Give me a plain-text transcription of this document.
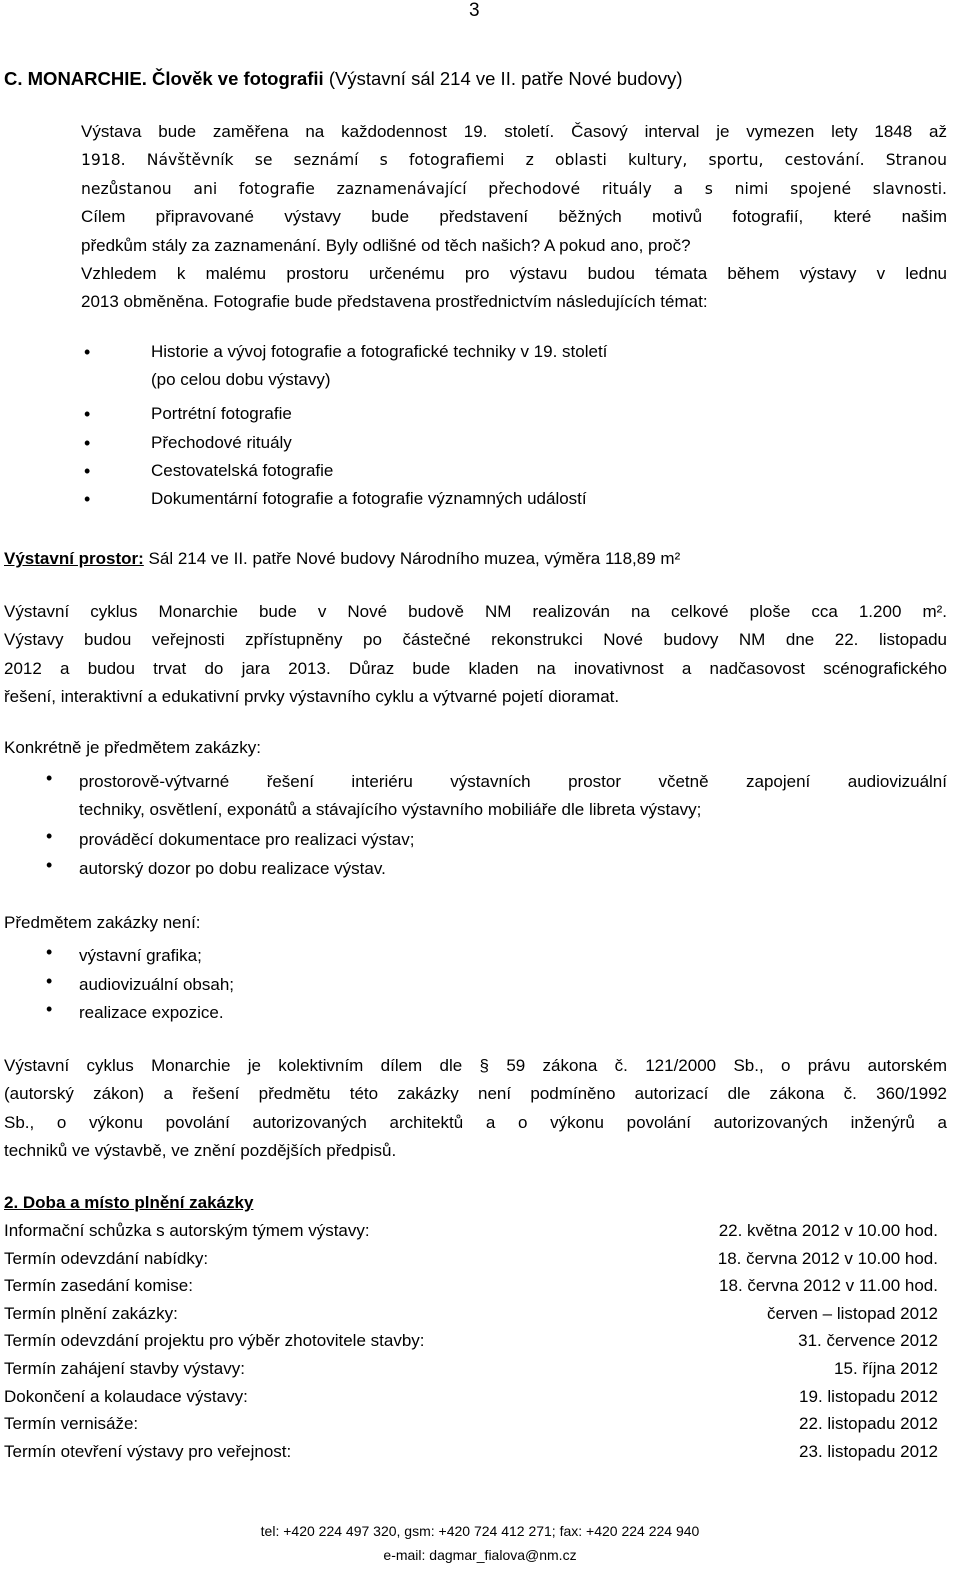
3
C. MONARCHIE. Člověk ve fotografii (Výstavní sál 214 ve II. patře Nové budovy)
Výstava bude zaměřena na každodennost 19. století. Časový interval je vymezen lety 1848 až
1918. Návštěvník se seznámí s fotografiemi z oblasti kultury, sportu, cestování. Stranou
nezůstanou ani fotografie zaznamenávající přechodové rituály a s nimi spojené slavnosti.
Cílem připravované výstavy bude představení běžných motivů fotografií, které našim
předkům stály za zaznamenání. Byly odlišné od těch našich? A pokud ano, proč?
Vzhledem k malému prostoru určenému pro výstavu budou témata během výstavy v lednu
2013 obměněna. Fotografie bude představena prostřednictvím následujících témat:
•	Historie a vývoj fotografie a fotografické techniky v 19. století
(po celou dobu výstavy)
•	Portrétní fotografie
•	Přechodové rituály
•	Cestovatelská fotografie
•	Dokumentární fotografie a fotografie významných událostí
Výstavní prostor: Sál 214 ve II. patře Nové budovy Národního muzea, výměra 118,89 m²
Výstavní cyklus Monarchie bude v Nové budově NM realizován na celkové ploše cca 1.200 m².
Výstavy budou veřejnosti zpřístupněny po částečné rekonstrukci Nové budovy NM dne 22. listopadu
2012 a budou trvat do jara 2013. Důraz bude kladen na inovativnost a nadčasovost scénografického
řešení, interaktivní a edukativní prvky výstavního cyklu a výtvarné pojetí dioramat.
Konkrétně je předmětem zakázky:
• prostorově-výtvarné řešení interiéru výstavních prostor včetně zapojení audiovizuální
techniky, osvětlení, exponátů a stávajícího výstavního mobiliáře dle libreta výstavy;
• prováděcí dokumentace pro realizaci výstav;
• autorský dozor po dobu realizace výstav.
Předmětem zakázky není:
• výstavní grafika;
• audiovizuální obsah;
• realizace expozice.
Výstavní cyklus Monarchie je kolektivním dílem dle § 59 zákona č. 121/2000 Sb., o právu autorském
(autorský zákon) a řešení předmětu této zakázky není podmíněno autorizací dle zákona č. 360/1992
Sb., o výkonu povolání autorizovaných architektů a o výkonu povolání autorizovaných inženýrů a
techniků ve výstavbě, ve znění pozdějších předpisů.
2. Doba a místo plnění zakázky
Informační schůzka s autorským týmem výstavy:	22. května 2012 v 10.00 hod.
Termín odevzdání nabídky:	18. června 2012 v 10.00 hod.
Termín zasedání komise:	18. června 2012 v 11.00 hod.
Termín plnění zakázky:	červen – listopad 2012
Termín odevzdání projektu pro výběr zhotovitele stavby:	31. července 2012
Termín zahájení stavby výstavy:	15. října 2012
Dokončení a kolaudace výstavy:	19. listopadu 2012
Termín vernisáže:	22. listopadu 2012
Termín otevření výstavy pro veřejnost:	23. listopadu 2012
tel: +420 224 497 320, gsm: +420 724 412 271; fax: +420 224 224 940
e-mail: dagmar_fialova@nm.cz
